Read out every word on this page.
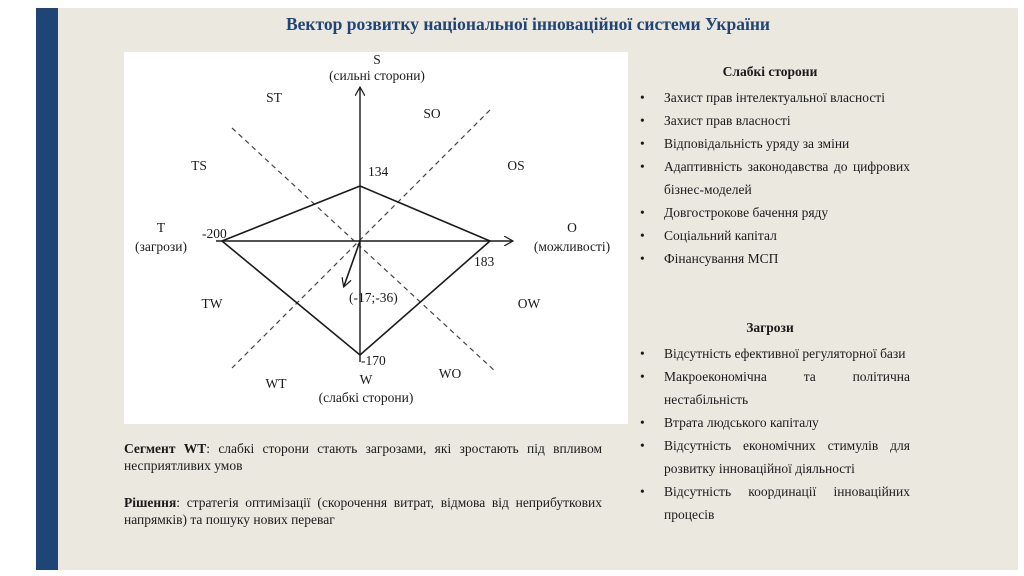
Вектор розвитку національної інноваційної системи України
S
(сильні сторони)
W
(слабкі сторони)
T
(загрози)
O
(можливості)
ST
SO
TS	OS
TW	OW
WT
WO
134
-200
183
-170
(-17;-36)
Сегмент WT: слабкі сторони стають загрозами, які зростають під впливом несприятливих умов
Рішення: стратегія оптимізації (скорочення витрат, відмова від неприбуткових напрямків) та пошуку нових переваг
Слабкі сторони
• Захист прав інтелектуальної власності
• Захист прав власності
• Відповідальність уряду за зміни
• Адаптивність законодавства до цифрових бізнес-моделей
• Довгострокове бачення ряду
• Соціальний капітал
• Фінансування МСП
Загрози
• Відсутність ефективної регуляторної бази
• Макроекономічна та політична нестабільність
• Втрата людського капіталу
• Відсутність економічних стимулів для розвитку інноваційної діяльності
• Відсутність координації інноваційних процесів
